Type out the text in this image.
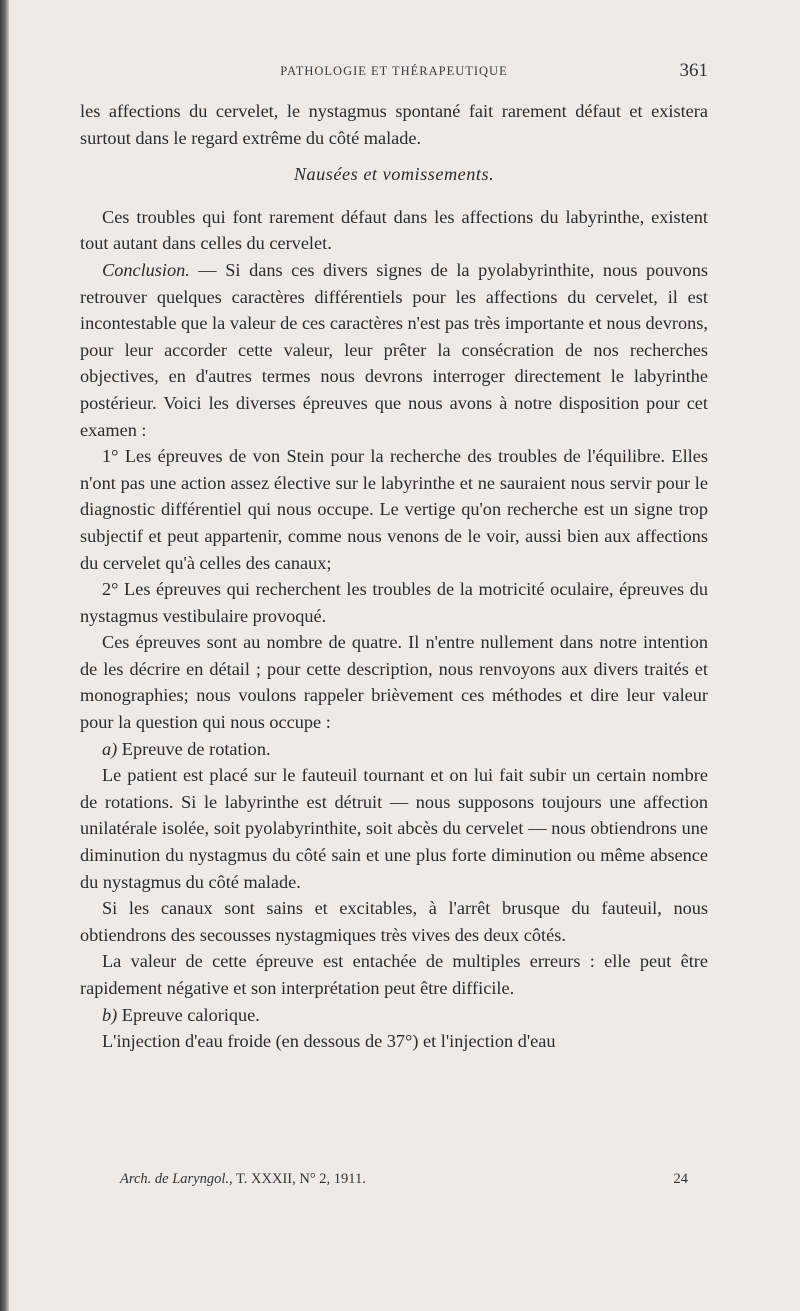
PATHOLOGIE ET THÉRAPEUTIQUE	361

les affections du cervelet, le nystagmus spontané fait rarement défaut et existera surtout dans le regard extrême du côté malade.

Nausées et vomissements.

Ces troubles qui font rarement défaut dans les affections du labyrinthe, existent tout autant dans celles du cervelet.

Conclusion. — Si dans ces divers signes de la pyolabyrinthite, nous pouvons retrouver quelques caractères différentiels pour les affections du cervelet, il est incontestable que la valeur de ces caractères n'est pas très importante et nous devrons, pour leur accorder cette valeur, leur prêter la consécration de nos recherches objectives, en d'autres termes nous devrons interroger directement le labyrinthe postérieur. Voici les diverses épreuves que nous avons à notre disposition pour cet examen :

1° Les épreuves de von Stein pour la recherche des troubles de l'équilibre. Elles n'ont pas une action assez élective sur le labyrinthe et ne sauraient nous servir pour le diagnostic différentiel qui nous occupe. Le vertige qu'on recherche est un signe trop subjectif et peut appartenir, comme nous venons de le voir, aussi bien aux affections du cervelet qu'à celles des canaux;

2° Les épreuves qui recherchent les troubles de la motricité oculaire, épreuves du nystagmus vestibulaire provoqué.

Ces épreuves sont au nombre de quatre. Il n'entre nullement dans notre intention de les décrire en détail ; pour cette description, nous renvoyons aux divers traités et monographies; nous voulons rappeler brièvement ces méthodes et dire leur valeur pour la question qui nous occupe :

a) Epreuve de rotation.

Le patient est placé sur le fauteuil tournant et on lui fait subir un certain nombre de rotations. Si le labyrinthe est détruit — nous supposons toujours une affection unilatérale isolée, soit pyolabyrinthite, soit abcès du cervelet — nous obtiendrons une diminution du nystagmus du côté sain et une plus forte diminution ou même absence du nystagmus du côté malade.

Si les canaux sont sains et excitables, à l'arrêt brusque du fauteuil, nous obtiendrons des secousses nystagmiques très vives des deux côtés.

La valeur de cette épreuve est entachée de multiples erreurs : elle peut être rapidement négative et son interprétation peut être difficile.

b) Epreuve calorique.

L'injection d'eau froide (en dessous de 37°) et l'injection d'eau

Arch. de Laryngol., T. XXXII, N° 2, 1911.	24
